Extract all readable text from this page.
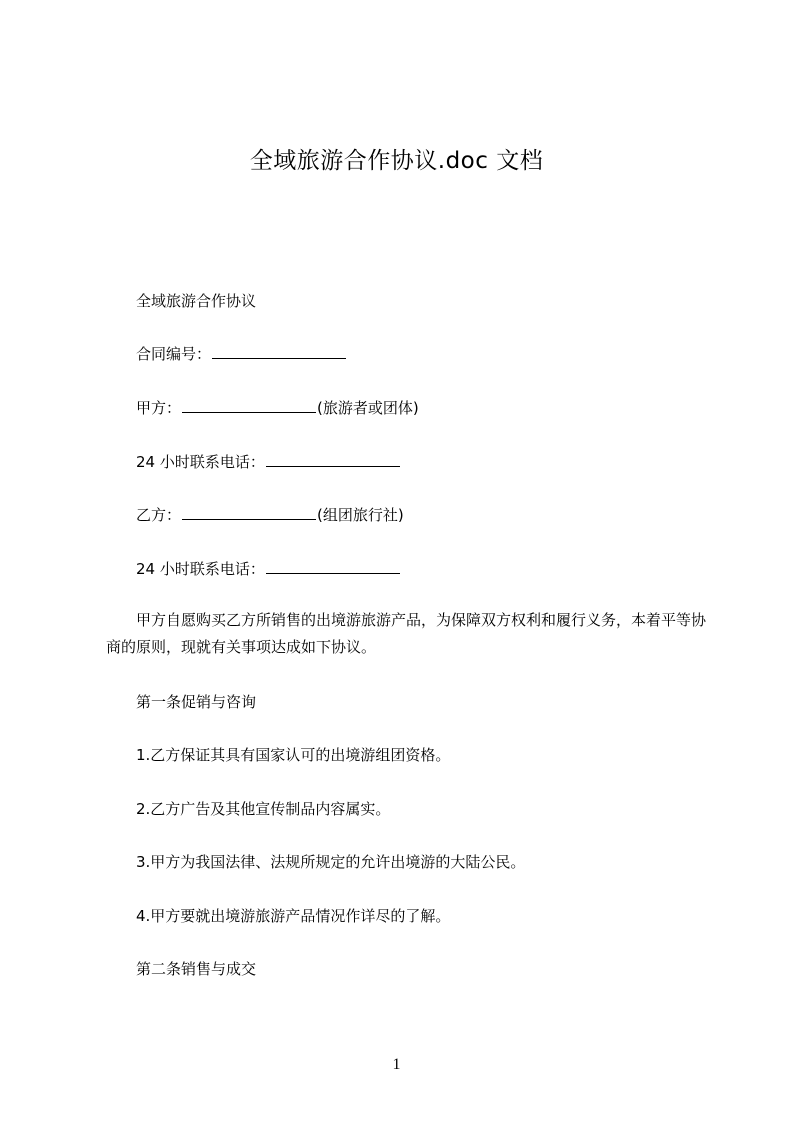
全域旅游合作协议.doc 文档
全域旅游合作协议
合同编号：
甲方：	(旅游者或团体)
24 小时联系电话：
乙方：	(组团旅行社)
24 小时联系电话：
甲方自愿购买乙方所销售的出境游旅游产品，为保障双方权利和履行义务，本着平等协商的原则，现就有关事项达成如下协议。
第一条促销与咨询
1.乙方保证其具有国家认可的出境游组团资格。
2.乙方广告及其他宣传制品内容属实。
3.甲方为我国法律、法规所规定的允许出境游的大陆公民。
4.甲方要就出境游旅游产品情况作详尽的了解。
第二条销售与成交
1
